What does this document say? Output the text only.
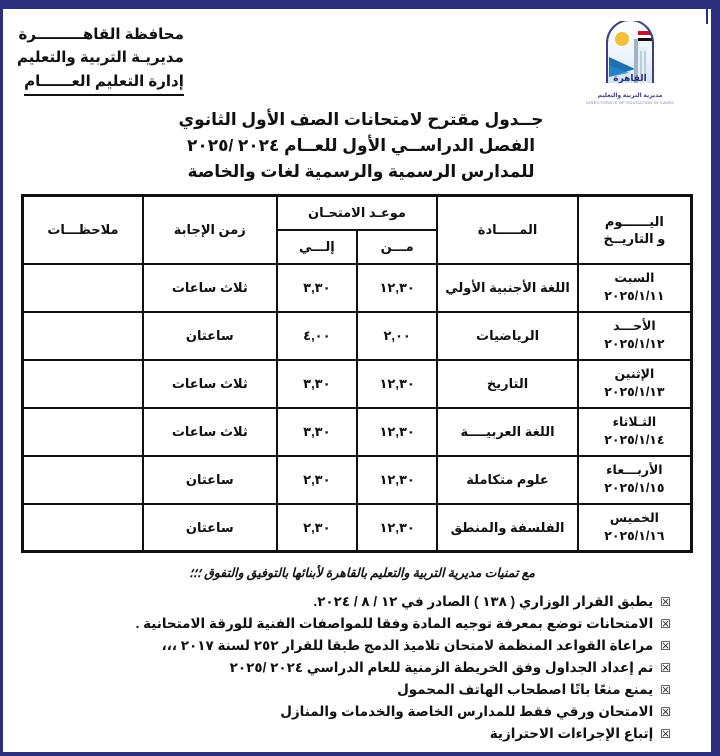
محافظة القاهـــــــــرة
مديريـة التربية والتعليم
إدارة التعليم العــــــام	القاهرة
مديرية التربية والتعليم
DIRECTORATE OF EDUCATION IN CAIRO
جــدول مقترح لامتحانات الصف الأول الثانوي
الفصل الدراســي الأول للعــام ٢٠٢٤ /٢٠٢٥
للمدارس الرسمية والرسمية لغات والخاصة
اليــــــوم
و التاريــخ	المـــــادة	موعـد الامتحـان		زمن الإجابة	ملاحظـــات
		مـــن	إلـــي		

السبت
٢٠٢٥/١/١١	اللغة الأجنبية الأولي	١٢,٣٠	٣,٣٠	ثلاث ساعات	

الأحـــد
٢٠٢٥/١/١٢	الرياضيات	٢,٠٠	٤,٠٠	ساعتان	

الإثنين
٢٠٢٥/١/١٣	التاريخ	١٢,٣٠	٣,٣٠	ثلاث ساعات	

الثـلاثاء
٢٠٢٥/١/١٤	اللغة العربيــــة	١٢,٣٠	٣,٣٠	ثلاث ساعات	

الأربـــعاء
٢٠٢٥/١/١٥	علوم متكاملة	١٢,٣٠	٢,٣٠	ساعتان	

الخميس
٢٠٢٥/١/١٦	الفلسفة والمنطق	١٢,٣٠	٢,٣٠	ساعتان	
مع تمنيات مديرية التربية والتعليم بالقاهرة لأبنائها بالتوفيق والتفوق ؛؛؛
☒
يطبق القرار الوزاري ( ١٣٨ ) الصادر في ١٢ / ٨ / ٢٠٢٤.
☒
الامتحانات توضع بمعرفة توجيه المادة وفقا للمواصفات الفنية للورقة الامتحانية .
☒
مراعاة القواعد المنظمة لامتحان تلاميذ الدمج طبقا للقرار ٢٥٢ لسنة ٢٠١٧ ،،،
☒
تم إعداد الجداول وفق الخريطة الزمنية للعام الدراسي ٢٠٢٤ /٢٠٢٥
☒
يمنع منعًا باتًا اصطحاب الهاتف المحمول
☒
الامتحان ورقي فقط للمدارس الخاصة والخدمات والمنازل
☒
إتباع الإجراءات الاحترازية
